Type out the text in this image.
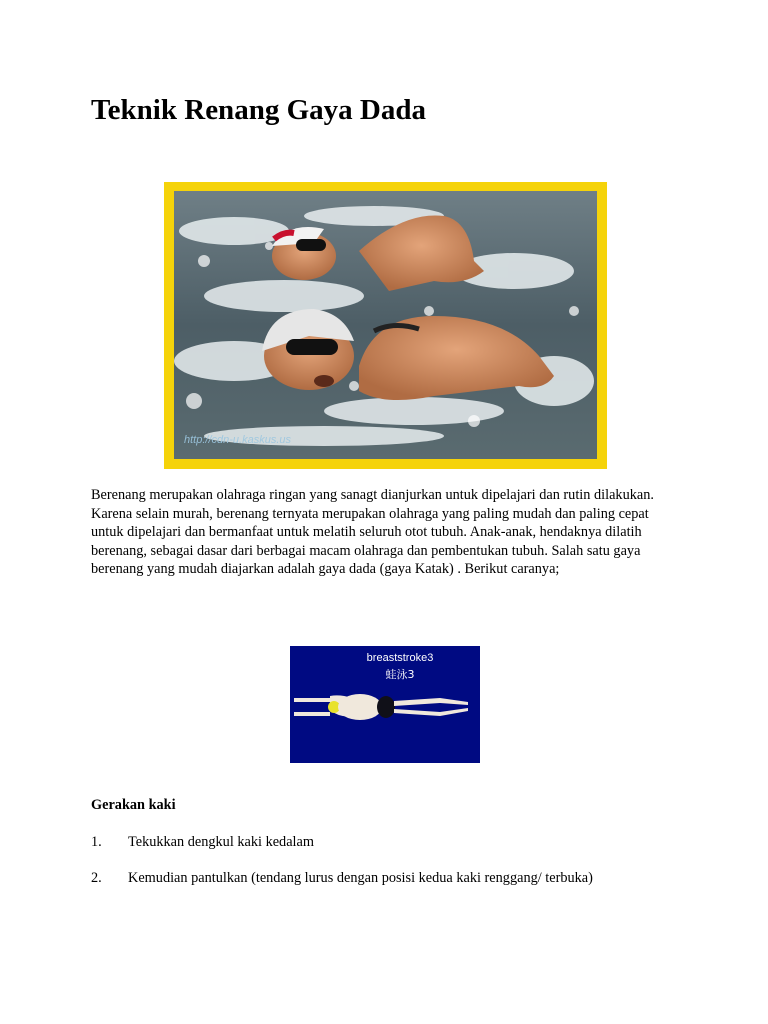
Teknik Renang Gaya Dada
http://cdn-u.kaskus.us

Berenang merupakan olahraga ringan yang sanagt dianjurkan untuk dipelajari dan rutin dilakukan. Karena selain murah, berenang ternyata merupakan olahraga yang paling mudah dan paling cepat untuk dipelajari dan bermanfaat untuk melatih seluruh otot tubuh. Anak-anak, hendaknya dilatih berenang, sebagai dasar dari berbagai macam olahraga dan pembentukan tubuh. Salah satu gaya berenang yang mudah diajarkan adalah gaya dada (gaya Katak) . Berikut caranya;

breaststroke3
蛙泳3
Gerakan kaki
1. Tekukkan dengkul kaki kedalam
2. Kemudian pantulkan (tendang lurus dengan posisi kedua kaki renggang/ terbuka)
